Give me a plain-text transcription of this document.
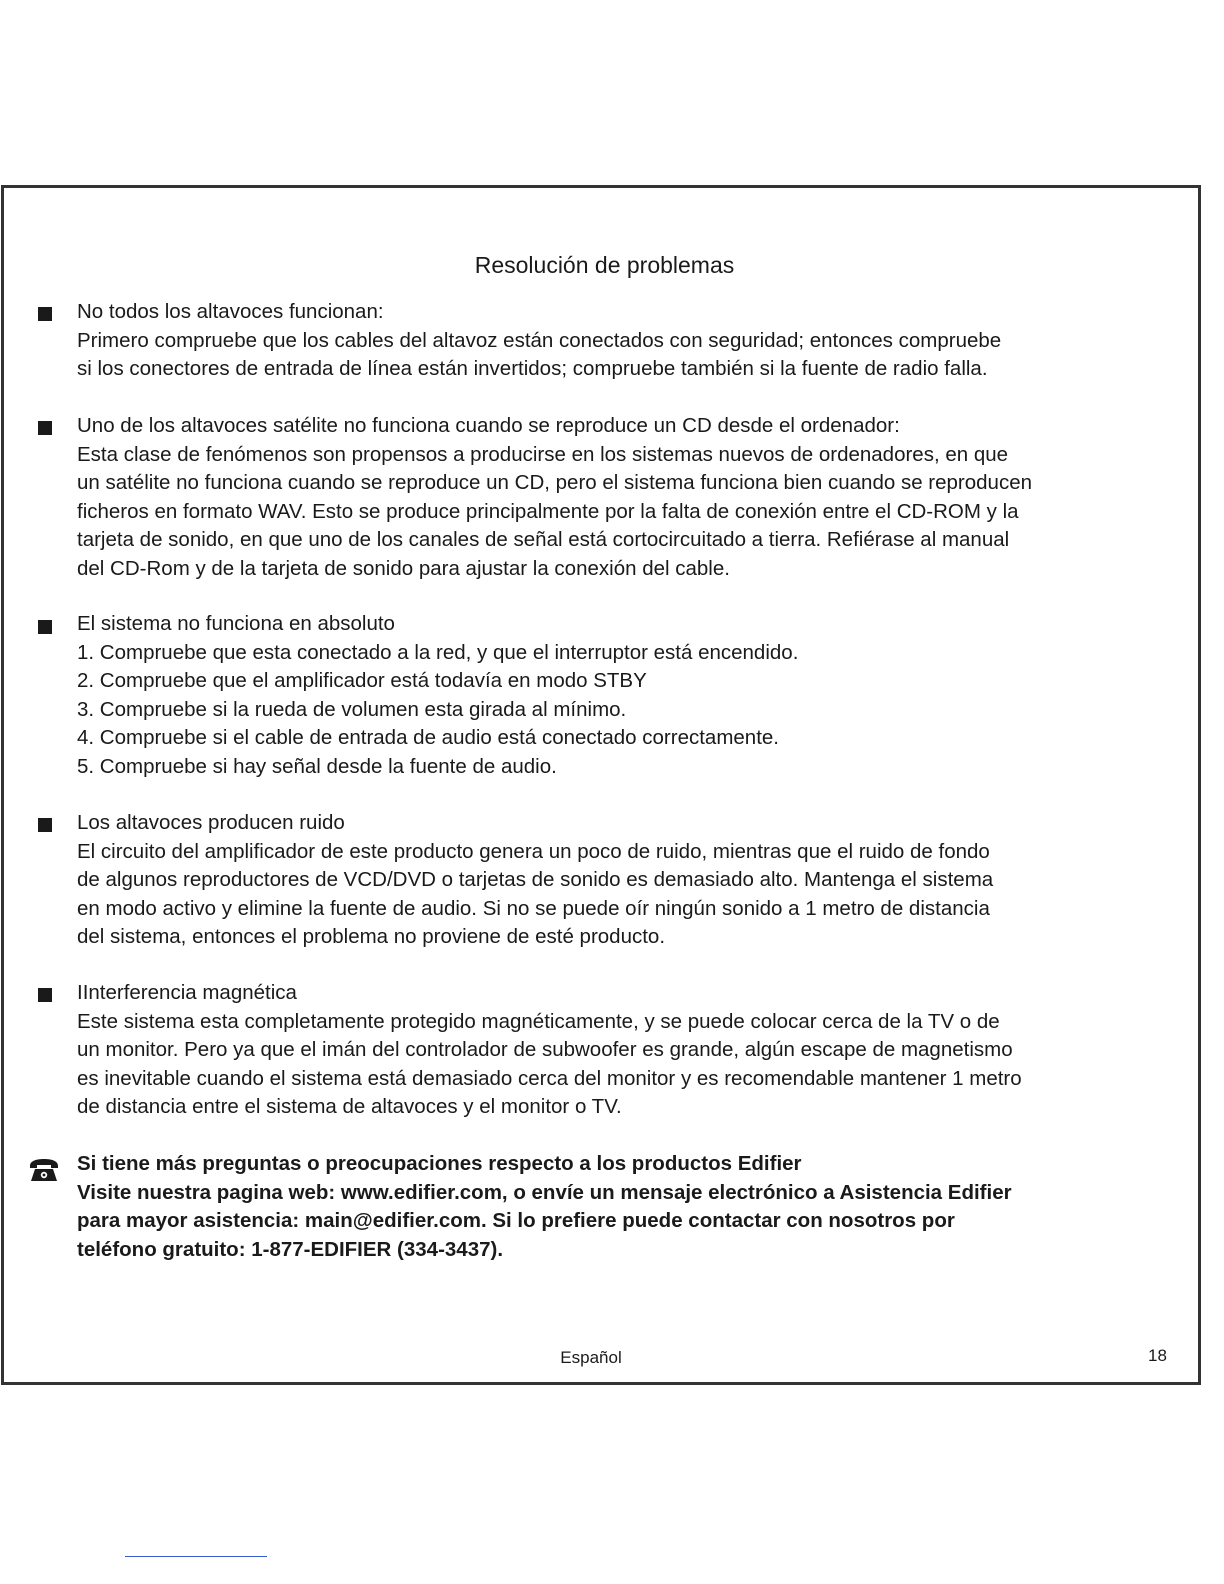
Resolución de problemas
No todos los altavoces funcionan:
Primero compruebe que los cables del altavoz están conectados con seguridad; entonces compruebe
si los conectores de entrada de línea están invertidos; compruebe también si la fuente de radio falla.
Uno de los altavoces satélite no funciona cuando se reproduce un CD desde el ordenador:
Esta clase de fenómenos son propensos a producirse en los sistemas nuevos de ordenadores, en que
un satélite no funciona cuando se reproduce un CD, pero el sistema funciona bien cuando se reproducen
ficheros en formato WAV. Esto se produce principalmente por la falta de conexión entre el CD-ROM y la
tarjeta de sonido, en que uno de los canales de señal está cortocircuitado a tierra. Refiérase al manual
del CD-Rom y de la tarjeta de sonido para ajustar la conexión del cable.
El sistema no funciona en absoluto
1. Compruebe que esta conectado a la red, y que el interruptor está encendido.
2. Compruebe que el amplificador está todavía en modo STBY
3. Compruebe si la rueda de volumen esta girada al mínimo.
4. Compruebe si el cable de entrada de audio está conectado correctamente.
5. Compruebe si hay señal desde la fuente de audio.
Los altavoces producen ruido
El circuito del amplificador de este producto genera un poco de ruido, mientras que el ruido de fondo
de algunos reproductores de VCD/DVD o tarjetas de sonido es demasiado alto. Mantenga el sistema
en modo activo y elimine la fuente de audio. Si no se puede oír ningún sonido a 1 metro de distancia
del sistema, entonces el problema no proviene de esté producto.
IInterferencia magnética
Este sistema esta completamente protegido magnéticamente, y se puede colocar cerca de la TV o de
un monitor. Pero ya que el imán del controlador de subwoofer es grande, algún escape de magnetismo
es inevitable cuando el sistema está demasiado cerca del monitor y es recomendable mantener 1 metro
de distancia entre el sistema de altavoces y el monitor o TV.
Si tiene más preguntas o preocupaciones respecto a los productos Edifier
Visite nuestra pagina web: www.edifier.com, o envíe un mensaje electrónico a Asistencia Edifier
para mayor asistencia: main@edifier.com. Si lo prefiere puede contactar con nosotros por
teléfono gratuito: 1-877-EDIFIER (334-3437).
Español	18
